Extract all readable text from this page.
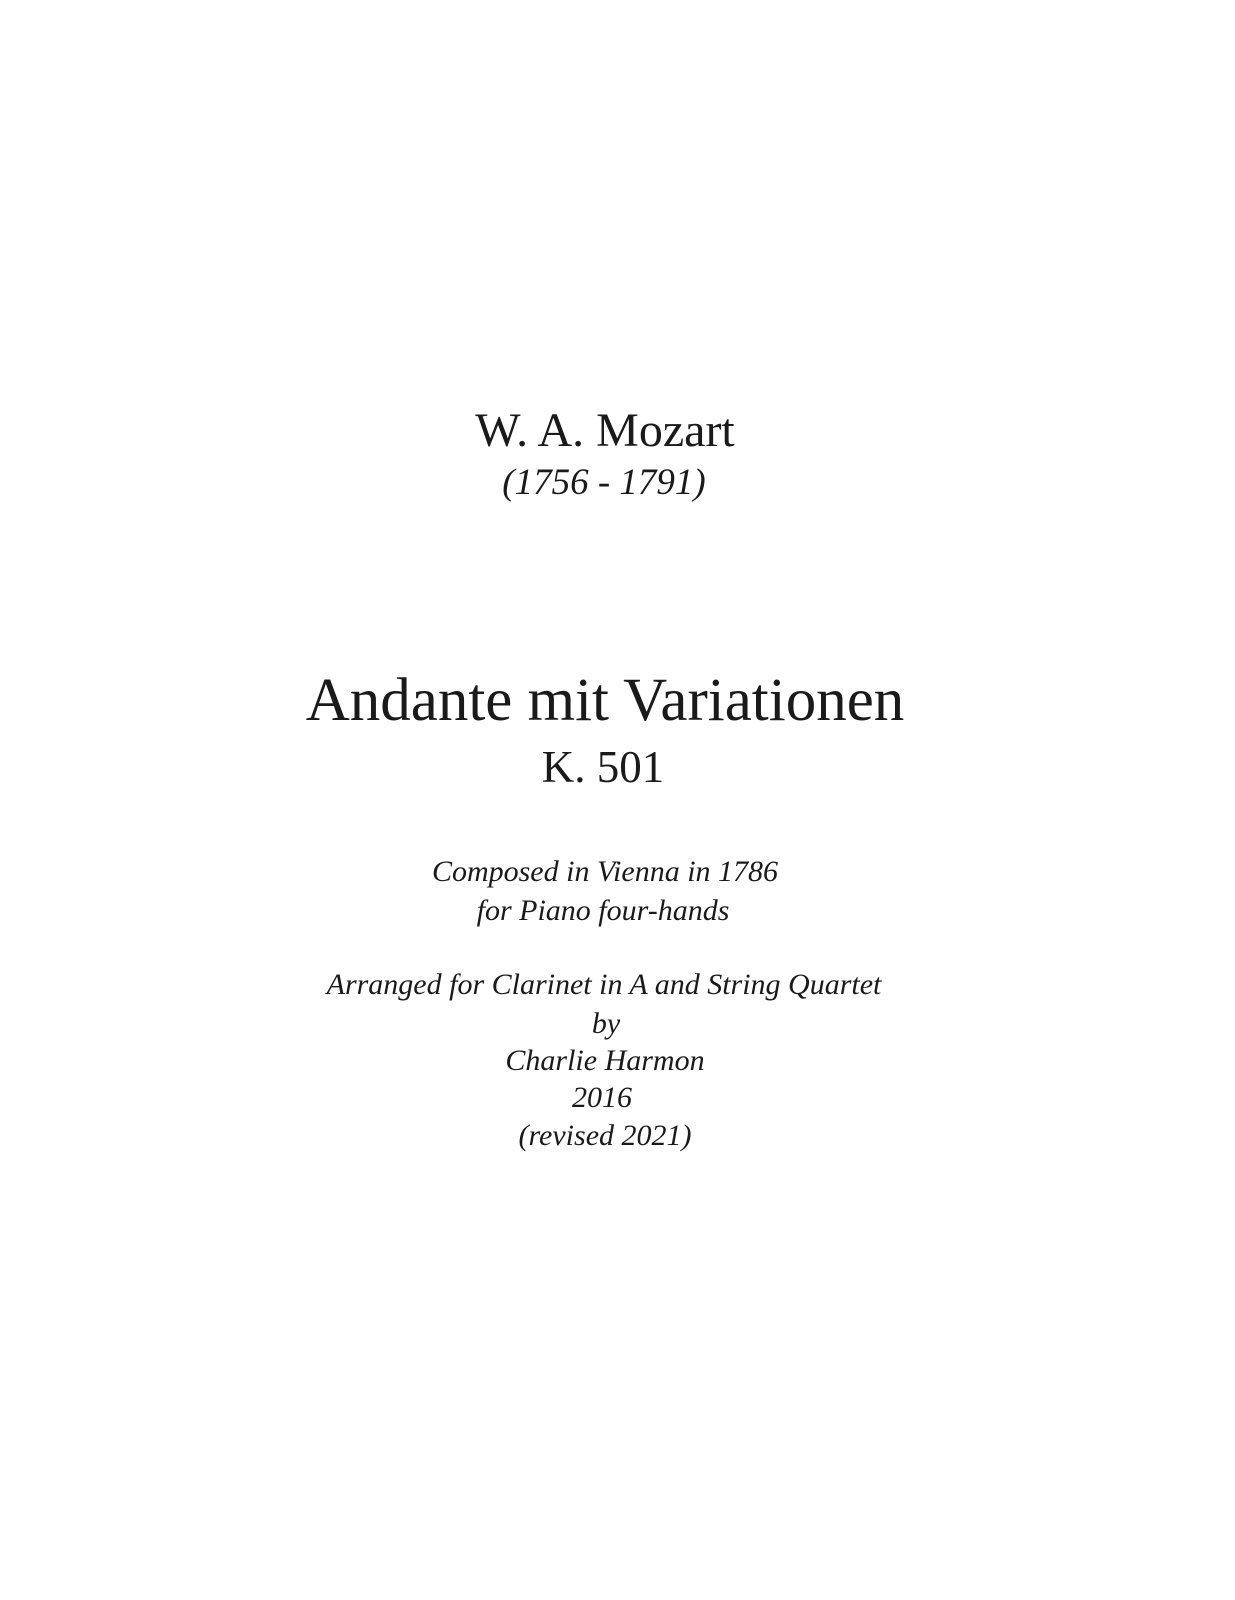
W. A. Mozart
(1756 - 1791)
Andante mit Variationen
K. 501
Composed in Vienna in 1786
for Piano four-hands
Arranged for Clarinet in A and String Quartet
by
Charlie Harmon
2016
(revised 2021)
